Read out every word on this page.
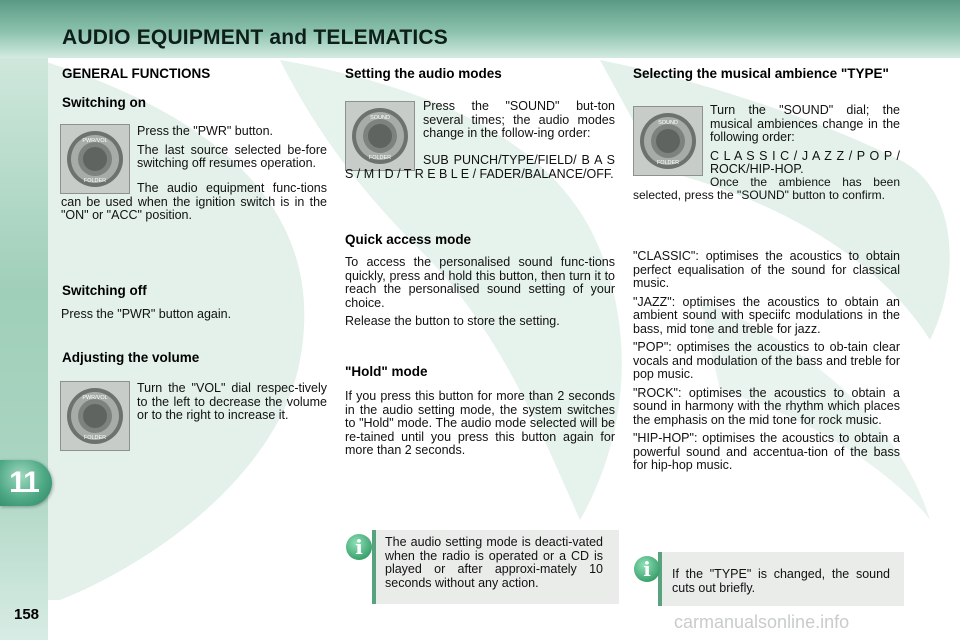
AUDIO EQUIPMENT and TELEMATICS
11
158	carmanualsonline.info
GENERAL FUNCTIONS
Switching on
PWR/VOL
FOLDER

Press the "PWR" button.

The last source selected be-fore switching off resumes operation.

The audio equipment func-tions can be used when the ignition switch is in the "ON" or "ACC" position.

Switching off

Press the "PWR" button again.

Adjusting the volume
PWR/VOL
FOLDER

Turn the "VOL" dial respec-tively to the left to decrease the volume or to the right to increase it.

Setting the audio modes
SOUND
FOLDER

Press the "SOUND" but-ton several times; the audio modes change in the follow-ing order:

SUB PUNCH/TYPE/FIELD/ B A S S / M I D / T R E B L E / FADER/BALANCE/OFF.

Quick access mode

To access the personalised sound func-tions quickly, press and hold this button, then turn it to reach the personalised sound setting of your choice.

Release the button to store the setting.

"Hold" mode

If you press this button for more than 2 seconds in the audio setting mode, the system switches to "Hold" mode. The audio mode selected will be re-tained until you press this button again for more than 2 seconds.

i	The audio setting mode is deacti-vated when the radio is operated or a CD is played or after approxi-mately 10 seconds without any action.
Selecting the musical ambience "TYPE"
SOUND
FOLDER

Turn the "SOUND" dial; the musical ambiences change in the following order:

C L A S S I C / J A Z Z / P O P / ROCK/HIP-HOP.

Once the ambience has been selected, press the "SOUND" button to confirm.

"CLASSIC": optimises the acoustics to obtain perfect equalisation of the sound for classical music.

"JAZZ": optimises the acoustics to obtain an ambient sound with speciifc modulations in the bass, mid tone and treble for jazz.

"POP": optimises the acoustics to ob-tain clear vocals and modulation of the bass and treble for pop music.

"ROCK": optimises the acoustics to obtain a sound in harmony with the rhythm which places the emphasis on the mid tone for rock music.

"HIP-HOP": optimises the acoustics to obtain a powerful sound and accentua-tion of the bass for hip-hop music.

i	If the "TYPE" is changed, the sound cuts out briefly.
